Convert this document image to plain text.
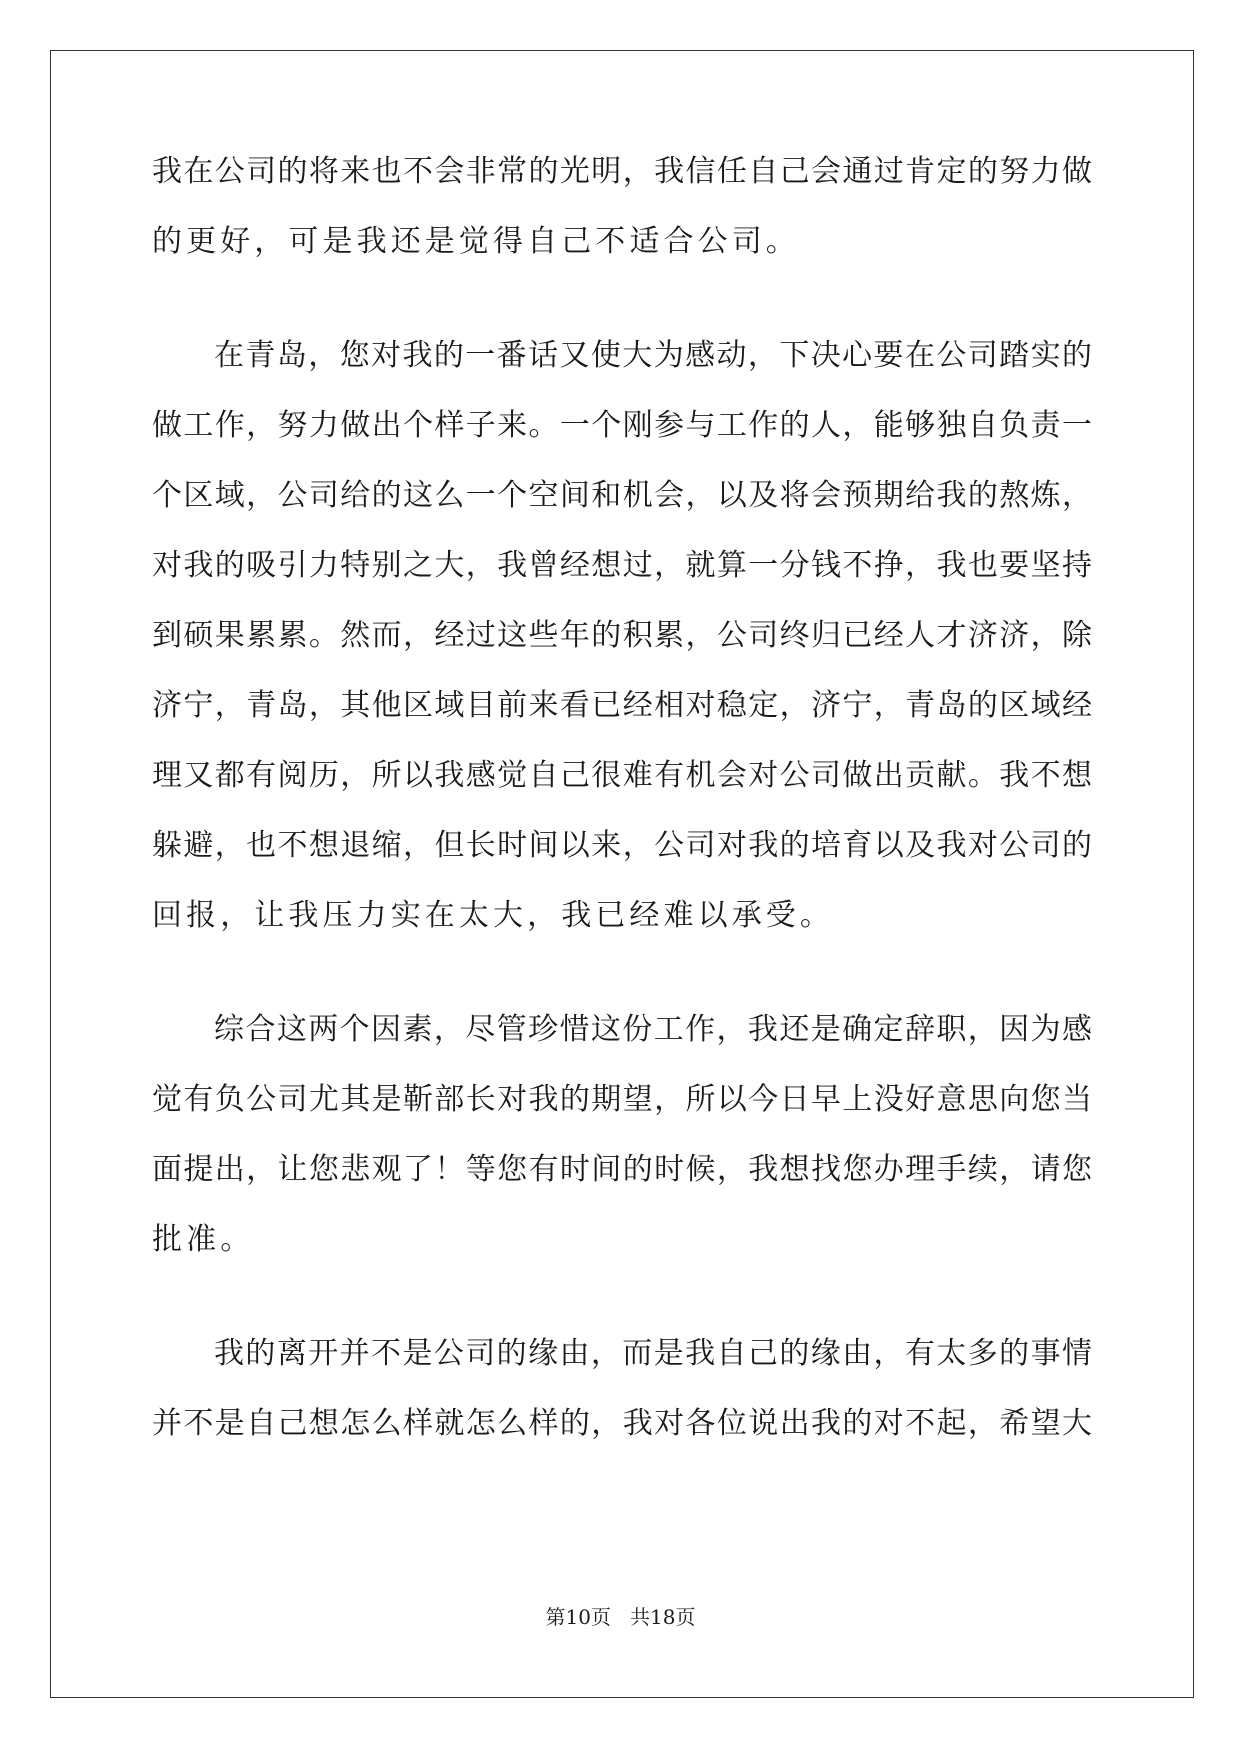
我在公司的将来也不会非常的光明，我信任自己会通过肯定的努力做
的更好，可是我还是觉得自己不适合公司。
在青岛，您对我的一番话又使大为感动，下决心要在公司踏实的
做工作，努力做出个样子来。一个刚参与工作的人，能够独自负责一
个区域，公司给的这么一个空间和机会，以及将会预期给我的熬炼，
对我的吸引力特别之大，我曾经想过，就算一分钱不挣，我也要坚持
到硕果累累。然而，经过这些年的积累，公司终归已经人才济济，除
济宁，青岛，其他区域目前来看已经相对稳定，济宁，青岛的区域经
理又都有阅历，所以我感觉自己很难有机会对公司做出贡献。我不想
躲避，也不想退缩，但长时间以来，公司对我的培育以及我对公司的
回报，让我压力实在太大，我已经难以承受。
综合这两个因素，尽管珍惜这份工作，我还是确定辞职，因为感
觉有负公司尤其是靳部长对我的期望，所以今日早上没好意思向您当
面提出，让您悲观了！等您有时间的时候，我想找您办理手续，请您
批准。
我的离开并不是公司的缘由，而是我自己的缘由，有太多的事情
并不是自己想怎么样就怎么样的，我对各位说出我的对不起，希望大
第10页 共18页
